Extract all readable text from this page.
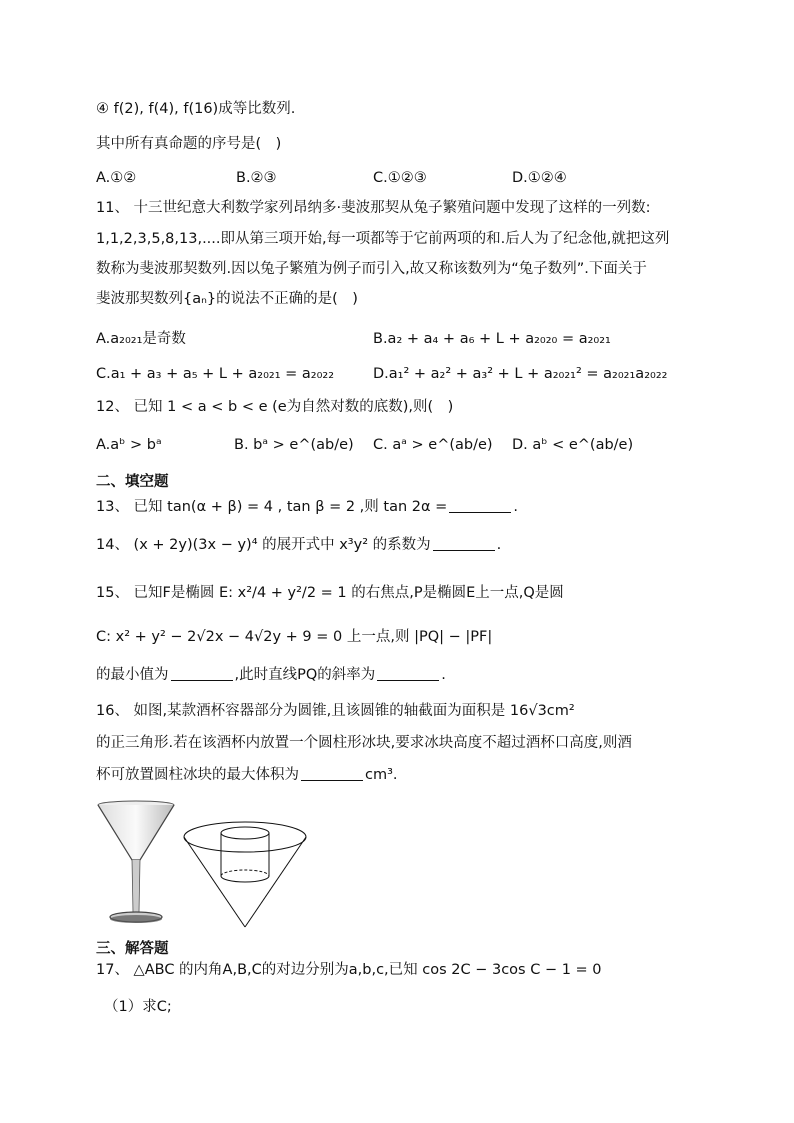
④ f(2), f(4), f(16)成等比数列.
其中所有真命题的序号是(　)
A.①②	B.②③	C.①②③	D.①②④
11、 十三世纪意大利数学家列昂纳多·斐波那契从兔子繁殖问题中发现了这样的一列数:
1,1,2,3,5,8,13,....即从第三项开始,每一项都等于它前两项的和.后人为了纪念他,就把这列
数称为斐波那契数列.因以兔子繁殖为例子而引入,故又称该数列为“兔子数列”.下面关于
斐波那契数列{aₙ}的说法不正确的是(　)
A.a₂₀₂₁是奇数	B.a₂ + a₄ + a₆ + L + a₂₀₂₀ = a₂₀₂₁
C.a₁ + a₃ + a₅ + L + a₂₀₂₁ = a₂₀₂₂	D.a₁² + a₂² + a₃² + L + a₂₀₂₁² = a₂₀₂₁a₂₀₂₂
12、 已知 1 < a < b < e (e为自然对数的底数),则(　)
A.aᵇ > bᵃ	B. bᵃ > e^(ab/e) C. aᵃ > e^(ab/e) D. aᵇ < e^(ab/e)
二、填空题
13、 已知 tan(α + β) = 4 , tan β = 2 ,则 tan 2α =	.
14、 (x + 2y)(3x − y)⁴ 的展开式中 x³y² 的系数为	.
15、 已知F是椭圆 E: x²/4 + y²/2 = 1 的右焦点,P是椭圆E上一点,Q是圆
C: x² + y² − 2√2x − 4√2y + 9 = 0 上一点,则 |PQ| − |PF|
的最小值为	,此时直线PQ的斜率为	.
16、 如图,某款酒杯容器部分为圆锥,且该圆锥的轴截面为面积是 16√3cm²
的正三角形.若在该酒杯内放置一个圆柱形冰块,要求冰块高度不超过酒杯口高度,则酒
杯可放置圆柱冰块的最大体积为	cm³.
三、解答题
17、 △ABC 的内角A,B,C的对边分别为a,b,c,已知 cos 2C − 3cos C − 1 = 0
（1）求C;
